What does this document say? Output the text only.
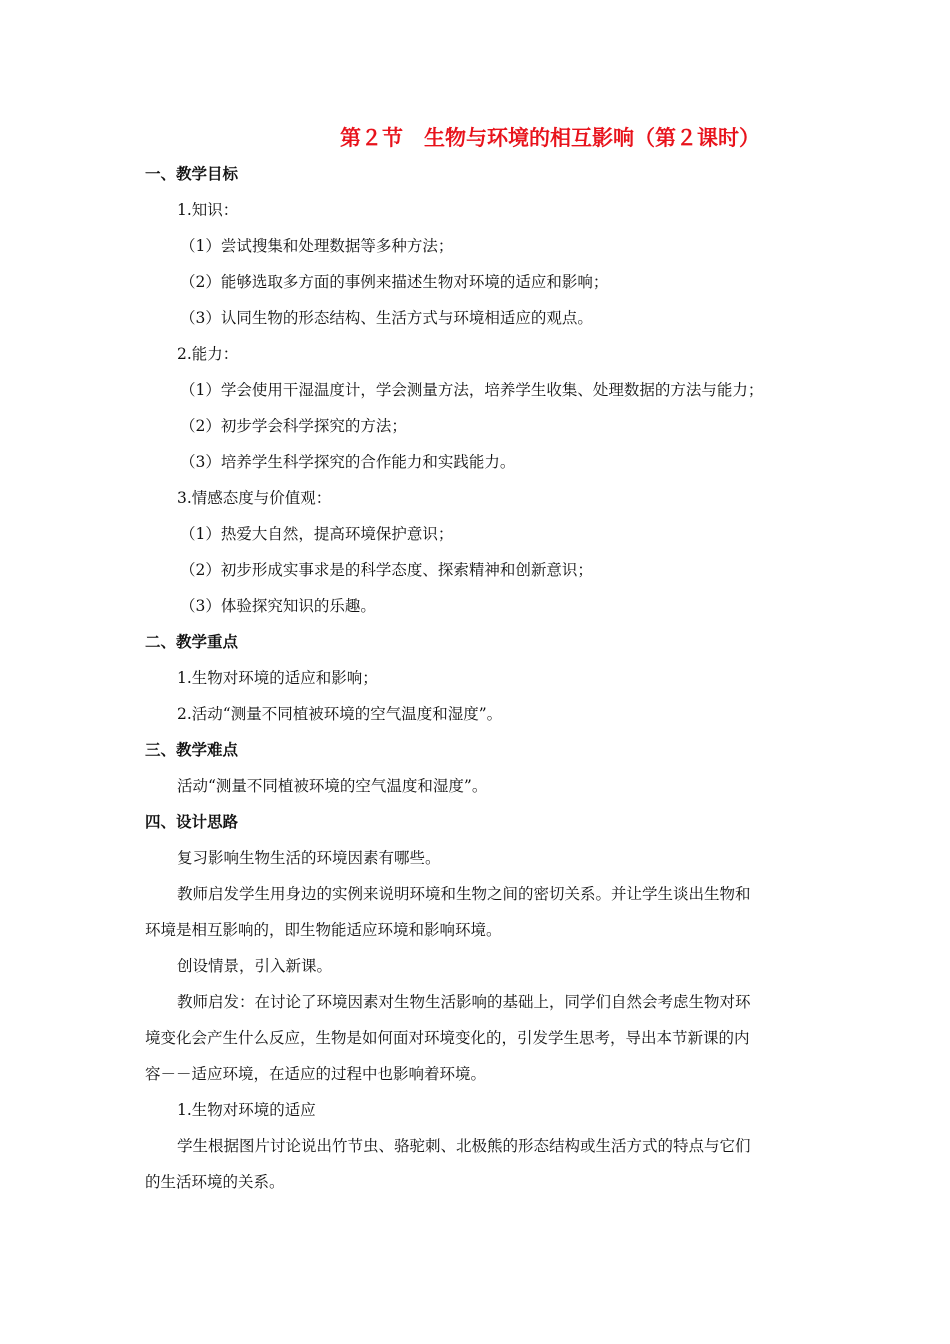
第２节　生物与环境的相互影响（第２课时）

一、教学目标

1.知识：

（1）尝试搜集和处理数据等多种方法；

（2）能够选取多方面的事例来描述生物对环境的适应和影响；

（3）认同生物的形态结构、生活方式与环境相适应的观点。

2.能力：

（1）学会使用干湿温度计，学会测量方法，培养学生收集、处理数据的方法与能力；

（2）初步学会科学探究的方法；

（3）培养学生科学探究的合作能力和实践能力。

3.情感态度与价值观：

（1）热爱大自然，提高环境保护意识；

（2）初步形成实事求是的科学态度、探索精神和创新意识；

（3）体验探究知识的乐趣。

二、教学重点

1.生物对环境的适应和影响；

2.活动“测量不同植被环境的空气温度和湿度”。

三、教学难点

活动“测量不同植被环境的空气温度和湿度”。

四、设计思路

复习影响生物生活的环境因素有哪些。

教师启发学生用身边的实例来说明环境和生物之间的密切关系。并让学生谈出生物和

环境是相互影响的，即生物能适应环境和影响环境。

创设情景，引入新课。

教师启发：在讨论了环境因素对生物生活影响的基础上，同学们自然会考虑生物对环

境变化会产生什么反应，生物是如何面对环境变化的，引发学生思考，导出本节新课的内

容－－适应环境，在适应的过程中也影响着环境。

1.生物对环境的适应

学生根据图片讨论说出竹节虫、骆驼刺、北极熊的形态结构或生活方式的特点与它们

的生活环境的关系。
